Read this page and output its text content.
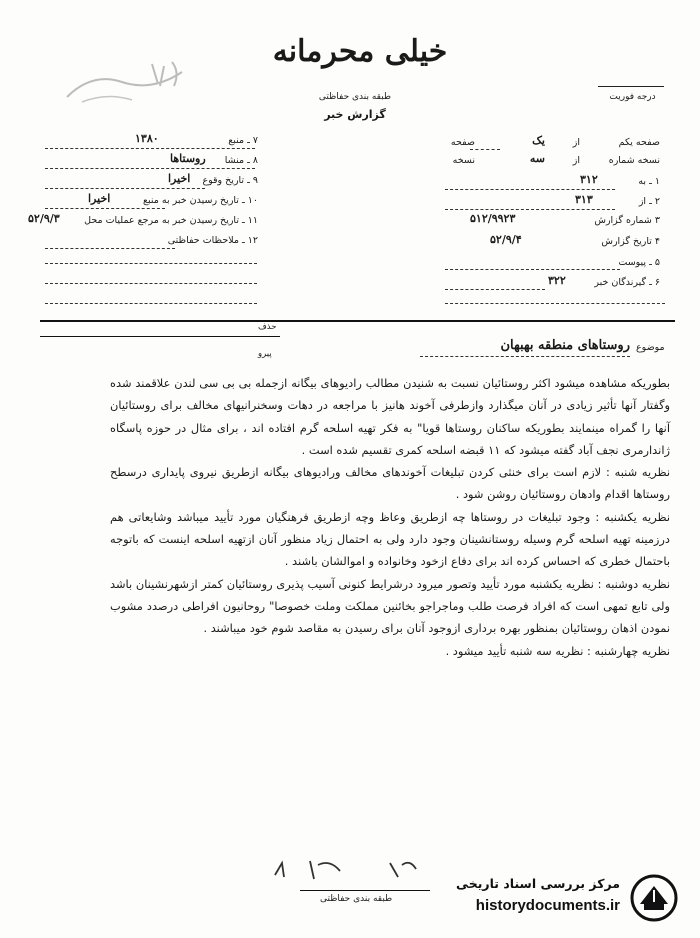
خیلی محرمانه
طبقه بندی حفاظتی
گزارش خبر
درجه فوریت
۷ ـ منبع
۱۳۸۰
۸ ـ منشا
روستاها
۹ ـ تاریخ وقوع
اخیرا
۱۰ ـ تاریخ رسیدن خبر به منبع
اخیرا
۱۱ ـ تاریخ رسیدن خبر به مرجع عملیات محل
۵۲/۹/۳
۱۲ ـ ملاحظات حفاظتی
صفحه یکم
از
یک
صفحه
نسخه شماره
از
سه
نسخه
۱ ـ به
۳۱۲
۲ ـ از
۳۱۳
۳ شماره گزارش
۵۱۲/۹۹۲۳
۴ تاریخ گزارش
۵۲/۹/۴
۵ ـ پیوست
۶ ـ گیرندگان خبر
۳۲۲
حذف
پیرو
موضوع
روستاهای منطقه بهبهان

بطوریکه مشاهده میشود اکثر روستائیان نسبت به شنیدن مطالب رادیوهای بیگانه ازجمله بی بی سی لندن علاقمند شده وگفتار آنها تأثیر زیادی در آنان میگذارد وازطرفی آخوند هانیز با مراجعه در دهات وسخنرانیهای مخالف برای روستائیان آنها را گمراه مینمایند بطوریکه ساکنان روستاها قویا" به فکر تهیه اسلحه گرم افتاده اند ، برای مثال در حوزه پاسگاه ژاندارمری نجف آباد گفته میشود که ۱۱ قبضه اسلحه کمری تقسیم شده است .

نظریه شنبه : لازم است برای خنثی کردن تبلیغات آخوندهای مخالف ورادیوهای بیگانه ازطریق نیروی پایداری درسطح روستاها اقدام وادهان روستائیان روشن شود .

نظریه یکشنبه : وجود تبلیغات در روستاها چه ازطریق وعاظ وچه ازطریق فرهنگیان مورد تأیید میباشد وشایعاتی هم درزمینه تهیه اسلحه گرم وسیله روستانشینان وجود دارد ولی به احتمال زیاد منظور آنان ازتهیه اسلحه اینست که باتوجه باحتمال خطری که احساس کرده اند برای دفاع ازخود وخانواده و اموالشان باشند .

نظریه دوشنبه : نظریه یکشنبه مورد تأیید وتصور میرود درشرایط کنونی آسیب پذیری روستائیان کمتر ازشهرنشینان باشد ولی تابع تمهی است که افراد فرصت طلب وماجراجو بخائنین مملکت وملت خصوصا" روحانیون افراطی درصدد مشوب نمودن اذهان روستائیان بمنظور بهره برداری ازوجود آنان برای رسیدن به مقاصد شوم خود میباشند .

نظریه چهارشنبه : نظریه سه شنبه تأیید میشود .

طبقه بندی حفاظتی
مرکز بررسی اسناد تاریخی
historydocuments.ir
